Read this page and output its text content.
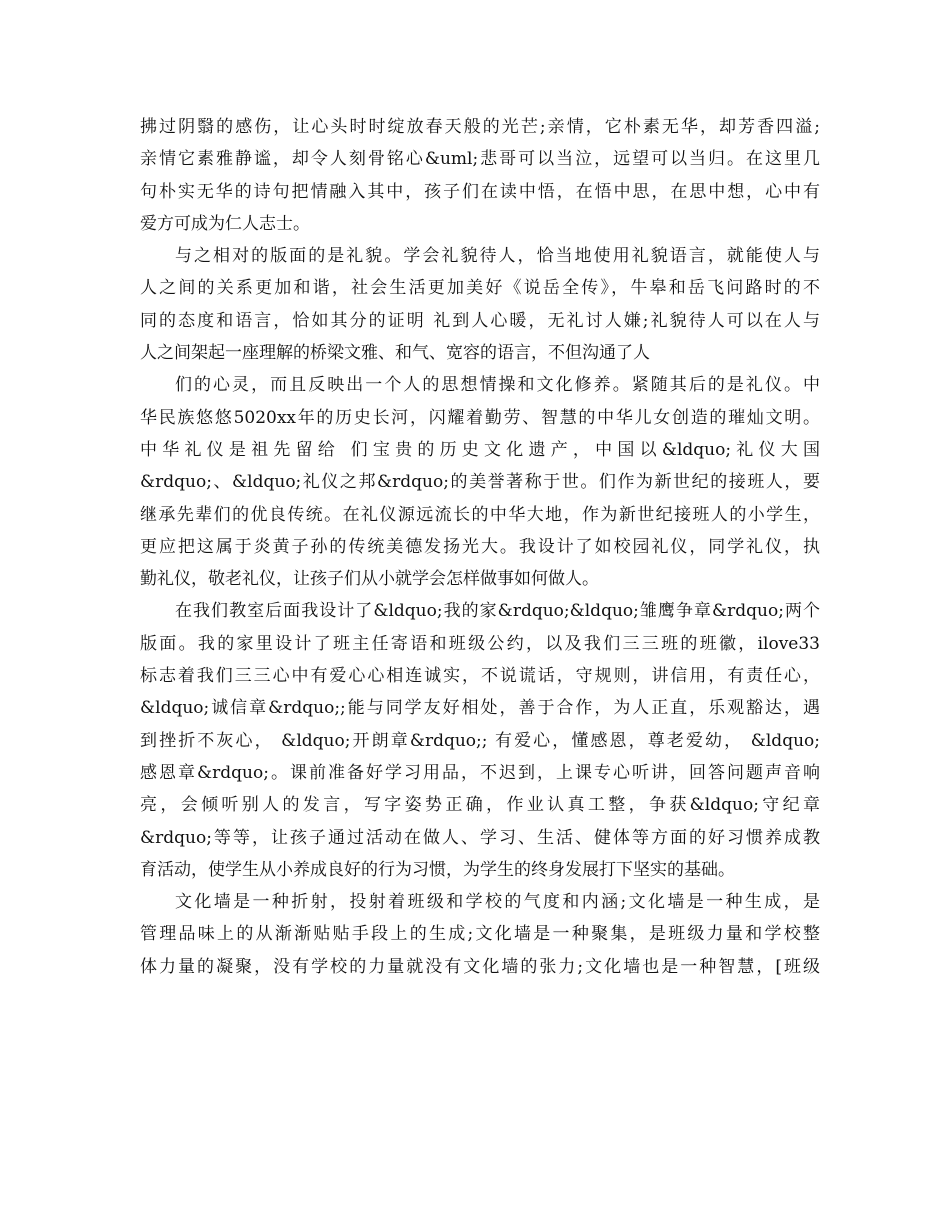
拂过阴翳的感伤，让心头时时绽放春天般的光芒;亲情，它朴素无华，却芳香四溢;
亲情它素雅静谧，却令人刻骨铭心&uml;悲哥可以当泣，远望可以当归。在这里几
句朴实无华的诗句把情融入其中，孩子们在读中悟，在悟中思，在思中想，心中有
爱方可成为仁人志士。
与之相对的版面的是礼貌。学会礼貌待人，恰当地使用礼貌语言，就能使人与
人之间的关系更加和谐，社会生活更加美好《说岳全传》，牛皋和岳飞问路时的不
同的态度和语言，恰如其分的证明 礼到人心暖，无礼讨人嫌;礼貌待人可以在人与
人之间架起一座理解的桥梁文雅、和气、宽容的语言，不但沟通了人
们的心灵，而且反映出一个人的思想情操和文化修养。紧随其后的是礼仪。中
华民族悠悠5020xx年的历史长河，闪耀着勤劳、智慧的中华儿女创造的璀灿文明。
中华礼仪是祖先留给 们宝贵的历史文化遗产，中国以&ldquo;礼仪大国
&rdquo;、&ldquo;礼仪之邦&rdquo;的美誉著称于世。们作为新世纪的接班人，要
继承先辈们的优良传统。在礼仪源远流长的中华大地，作为新世纪接班人的小学生，
更应把这属于炎黄子孙的传统美德发扬光大。我设计了如校园礼仪，同学礼仪，执
勤礼仪，敬老礼仪，让孩子们从小就学会怎样做事如何做人。
在我们教室后面我设计了&ldquo;我的家&rdquo;&ldquo;雏鹰争章&rdquo;两个
版面。我的家里设计了班主任寄语和班级公约，以及我们三三班的班徽，ilove33
标志着我们三三心中有爱心心相连诚实，不说谎话，守规则，讲信用，有责任心，
&ldquo;诚信章&rdquo;;能与同学友好相处，善于合作，为人正直，乐观豁达，遇
到挫折不灰心， &ldquo;开朗章&rdquo;; 有爱心，懂感恩，尊老爱幼， &ldquo;
感恩章&rdquo;。课前准备好学习用品，不迟到，上课专心听讲，回答问题声音响
亮，会倾听别人的发言，写字姿势正确，作业认真工整，争获&ldquo;守纪章
&rdquo;等等，让孩子通过活动在做人、学习、生活、健体等方面的好习惯养成教
育活动，使学生从小养成良好的行为习惯，为学生的终身发展打下坚实的基础。
文化墙是一种折射，投射着班级和学校的气度和内涵;文化墙是一种生成，是
管理品味上的从渐渐贴贴手段上的生成;文化墙是一种聚集，是班级力量和学校整
体力量的凝聚，没有学校的力量就没有文化墙的张力;文化墙也是一种智慧，[班级
